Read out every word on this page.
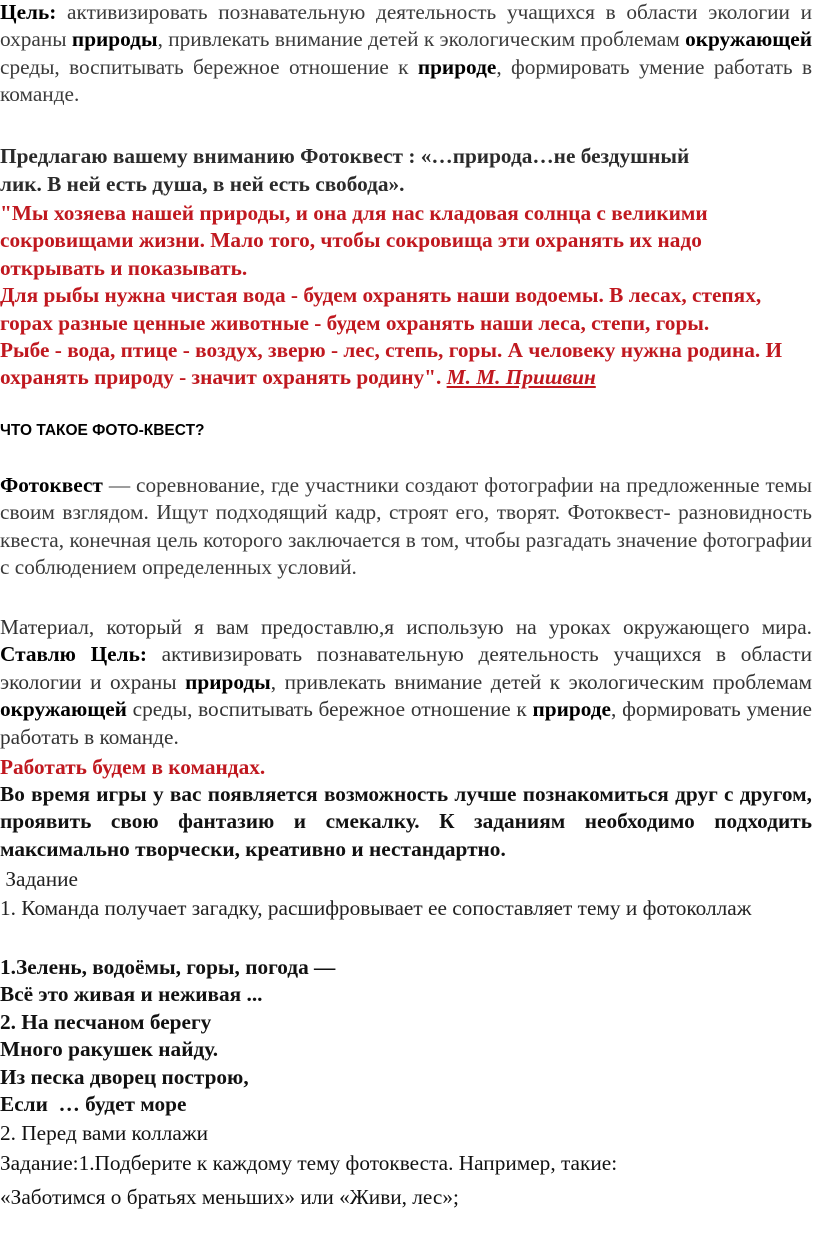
Цель: активизировать познавательную деятельность учащихся в области экологии и охраны природы, привлекать внимание детей к экологическим проблемам окружающей среды, воспитывать бережное отношение к природе, формировать умение работать в команде.

Предлагаю вашему вниманию Фотоквест : «…природа…не бездушный

лик. В ней есть душа, в ней есть свобода».

"Мы хозяева нашей природы, и она для нас кладовая солнца с великими сокровищами жизни. Мало того, чтобы сокровища эти охранять их надо открывать и показывать.

Для рыбы нужна чистая вода - будем охранять наши водоемы. В лесах, степях, горах разные ценные животные - будем охранять наши леса, степи, горы.

Рыбе - вода, птице - воздух, зверю - лес, степь, горы. А человеку нужна родина. И охранять природу - значит охранять родину". М. М. Пришвин

ЧТО ТАКОЕ ФОТО-КВЕСТ?

Фотоквест — соревнование, где участники создают фотографии на предложенные темы своим взглядом. Ищут подходящий кадр, строят его, творят. Фотоквест- разновидность квеста, конечная цель которого заключается в том, чтобы разгадать значение фотографии с соблюдением определенных условий.

Материал, который я вам предоставлю,я использую на уроках окружающего мира. Ставлю Цель: активизировать познавательную деятельность учащихся в области экологии и охраны природы, привлекать внимание детей к экологическим проблемам окружающей среды, воспитывать бережное отношение к природе, формировать умение работать в команде.

Работать будем в командах.

Во время игры у вас появляется возможность лучше познакомиться друг с другом, проявить свою фантазию и смекалку. К заданиям необходимо подходить максимально творчески, креативно и нестандартно.

Задание

1. Команда получает загадку, расшифровывает ее сопоставляет тему и фотоколлаж

1.Зелень, водоёмы, горы, погода —

Всё это живая и неживая ...

2. На песчаном берегу

Много ракушек найду.

Из песка дворец построю,

Если  … будет море

2. Перед вами коллажи

Задание:1.Подберите к каждому тему фотоквеста. Например, такие:

«Заботимся о братьях меньших» или «Живи, лес»;
